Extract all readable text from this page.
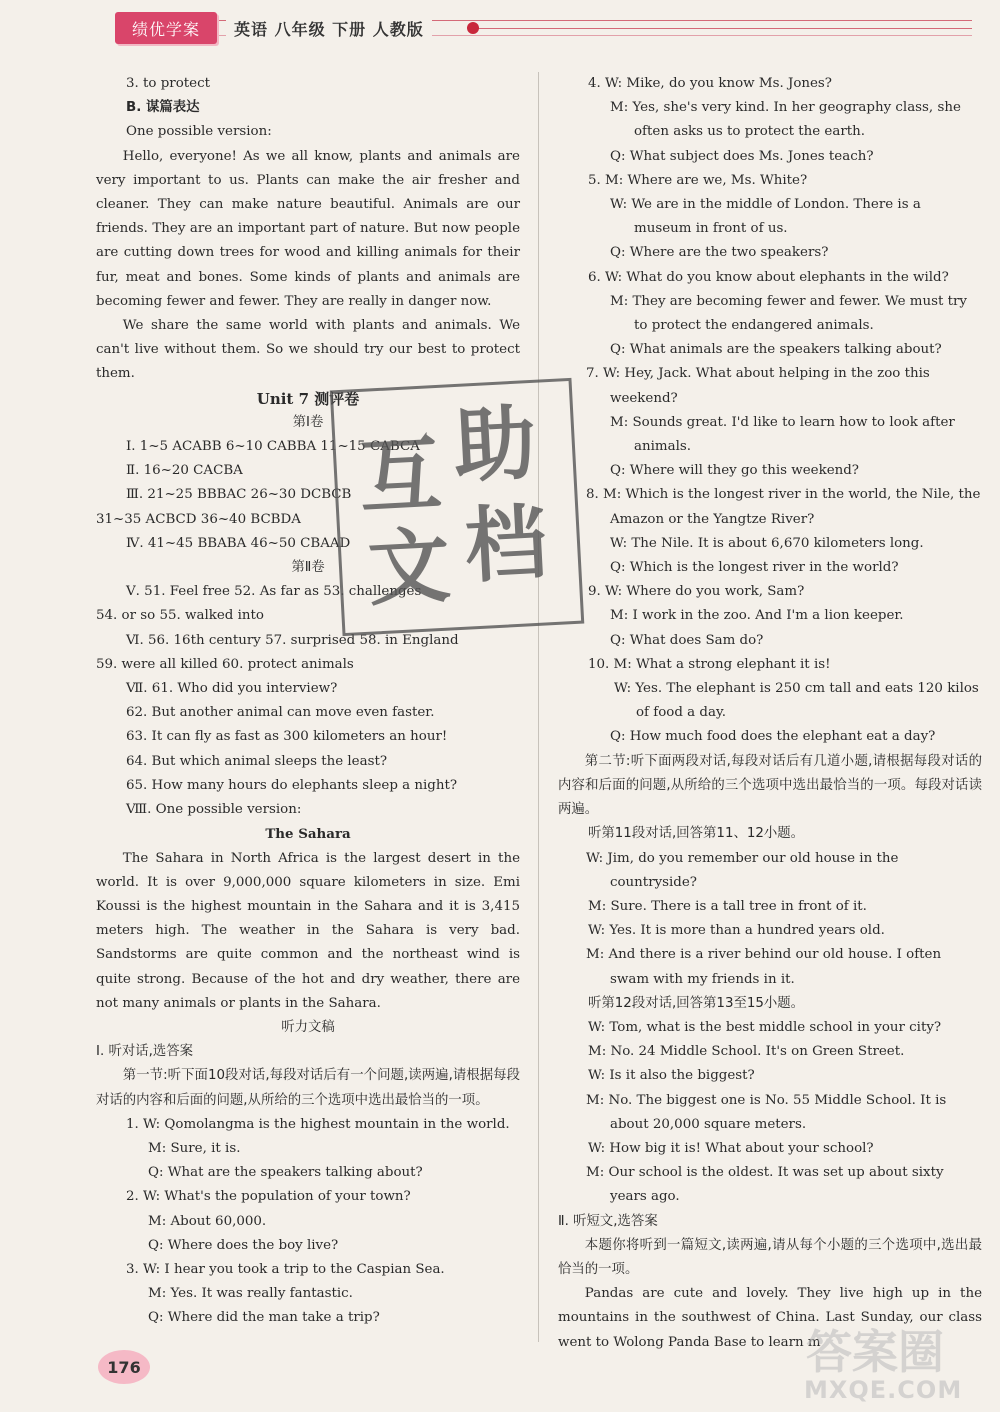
绩优学案	英语 八年级 下册 人教版

3. to protect

B. 谋篇表达

One possible version:

Hello, everyone! As we all know, plants and animals are very important to us. Plants can make the air fresher and cleaner. They can make nature beautiful. Animals are our friends. They are an important part of nature. But now people are cutting down trees for wood and killing animals for their fur, meat and bones. Some kinds of plants and animals are becoming fewer and fewer. They are really in danger now.

We share the same world with plants and animals. We can't live without them. So we should try our best to protect them.

Unit 7 测评卷

第Ⅰ卷

Ⅰ. 1~5 ACABB 6~10 CABBA 11~15 CABCA

Ⅱ. 16~20 CACBA

Ⅲ. 21~25 BBBAC 26~30 DCBCB

31~35 ACBCD 36~40 BCBDA

Ⅳ. 41~45 BBABA 46~50 CBAAD

第Ⅱ卷

Ⅴ. 51. Feel free 52. As far as 53. challenges

54. or so 55. walked into

Ⅵ. 56. 16th century 57. surprised 58. in England

59. were all killed 60. protect animals

Ⅶ. 61. Who did you interview?

62. But another animal can move even faster.

63. It can fly as fast as 300 kilometers an hour!

64. But which animal sleeps the least?

65. How many hours do elephants sleep a night?

Ⅷ. One possible version:

The Sahara

The Sahara in North Africa is the largest desert in the world. It is over 9,000,000 square kilometers in size. Emi Koussi is the highest mountain in the Sahara and it is 3,415 meters high. The weather in the Sahara is very bad. Sandstorms are quite common and the northeast wind is quite strong. Because of the hot and dry weather, there are not many animals or plants in the Sahara.

听力文稿

Ⅰ. 听对话,选答案

第一节:听下面10段对话,每段对话后有一个问题,读两遍,请根据每段对话的内容和后面的问题,从所给的三个选项中选出最恰当的一项。

1. W: Qomolangma is the highest mountain in the world.

M: Sure, it is.

Q: What are the speakers talking about?

2. W: What's the population of your town?

M: About 60,000.

Q: Where does the boy live?

3. W: I hear you took a trip to the Caspian Sea.

M: Yes. It was really fantastic.

Q: Where did the man take a trip?

4. W: Mike, do you know Ms. Jones?

M: Yes, she's very kind. In her geography class, she often asks us to protect the earth.

Q: What subject does Ms. Jones teach?

5. M: Where are we, Ms. White?

W: We are in the middle of London. There is a museum in front of us.

Q: Where are the two speakers?

6. W: What do you know about elephants in the wild?

M: They are becoming fewer and fewer. We must try to protect the endangered animals.

Q: What animals are the speakers talking about?

7. W: Hey, Jack. What about helping in the zoo this weekend?

M: Sounds great. I'd like to learn how to look after animals.

Q: Where will they go this weekend?

8. M: Which is the longest river in the world, the Nile, the Amazon or the Yangtze River?

W: The Nile. It is about 6,670 kilometers long.

Q: Which is the longest river in the world?

9. W: Where do you work, Sam?

M: I work in the zoo. And I'm a lion keeper.

Q: What does Sam do?

10. M: What a strong elephant it is!

W: Yes. The elephant is 250 cm tall and eats 120 kilos of food a day.

Q: How much food does the elephant eat a day?

第二节:听下面两段对话,每段对话后有几道小题,请根据每段对话的内容和后面的问题,从所给的三个选项中选出最恰当的一项。每段对话读两遍。

听第11段对话,回答第11、12小题。

W: Jim, do you remember our old house in the countryside?

M: Sure. There is a tall tree in front of it.

W: Yes. It is more than a hundred years old.

M: And there is a river behind our old house. I often swam with my friends in it.

听第12段对话,回答第13至15小题。

W: Tom, what is the best middle school in your city?

M: No. 24 Middle School. It's on Green Street.

W: Is it also the biggest?

M: No. The biggest one is No. 55 Middle School. It is about 20,000 square meters.

W: How big it is! What about your school?

M: Our school is the oldest. It was set up about sixty years ago.

Ⅱ. 听短文,选答案

本题你将听到一篇短文,读两遍,请从每个小题的三个选项中,选出最恰当的一项。

Pandas are cute and lovely. They live high up in the mountains in the southwest of China. Last Sunday, our class went to Wolong Panda Base to learn m

互 助
文 档
176	答案圈
MXQE.COM
